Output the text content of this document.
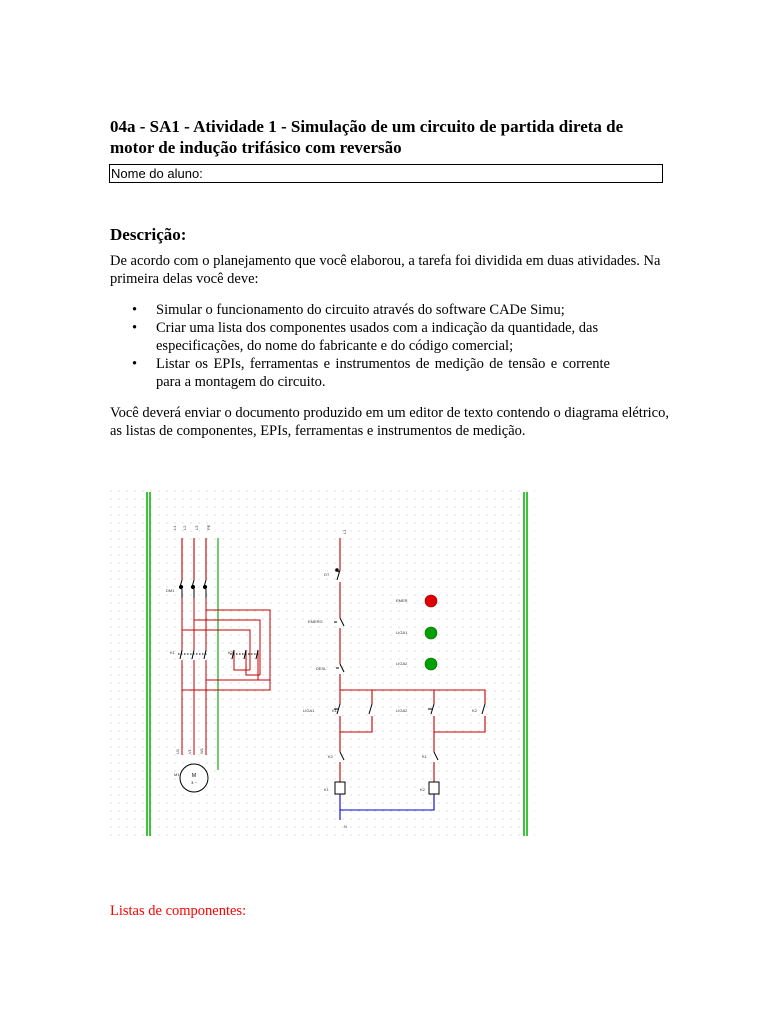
04a - SA1 - Atividade 1 - Simulação de um circuito de partida direta de motor de indução trifásico com reversão
Nome do aluno:
Descrição:
De acordo com o planejamento que você elaborou, a tarefa foi dividida em duas atividades. Na primeira delas você deve:
• Simular o funcionamento do circuito através do software CADe Simu;
• Criar uma lista dos componentes usados com a indicação da quantidade, das especificações, do nome do fabricante e do código comercial;
• Listar os EPIs, ferramentas e instrumentos de medição de tensão e corrente para a montagem do circuito.
Você deverá enviar o documento produzido em um editor de texto contendo o diagrama elétrico, as listas de componentes, EPIs, ferramentas e instrumentos de medição.
L1 L2 L3 PE
DM1
K1	K2
M1
U1 V1 W1
M
3 ~
L1
N
DT
EMERG
DESL
LIGA1	K1	LIGA2	K2
K2	K1
K1	K2
EMER
LIGA1
LIGA2
Listas de componentes:
